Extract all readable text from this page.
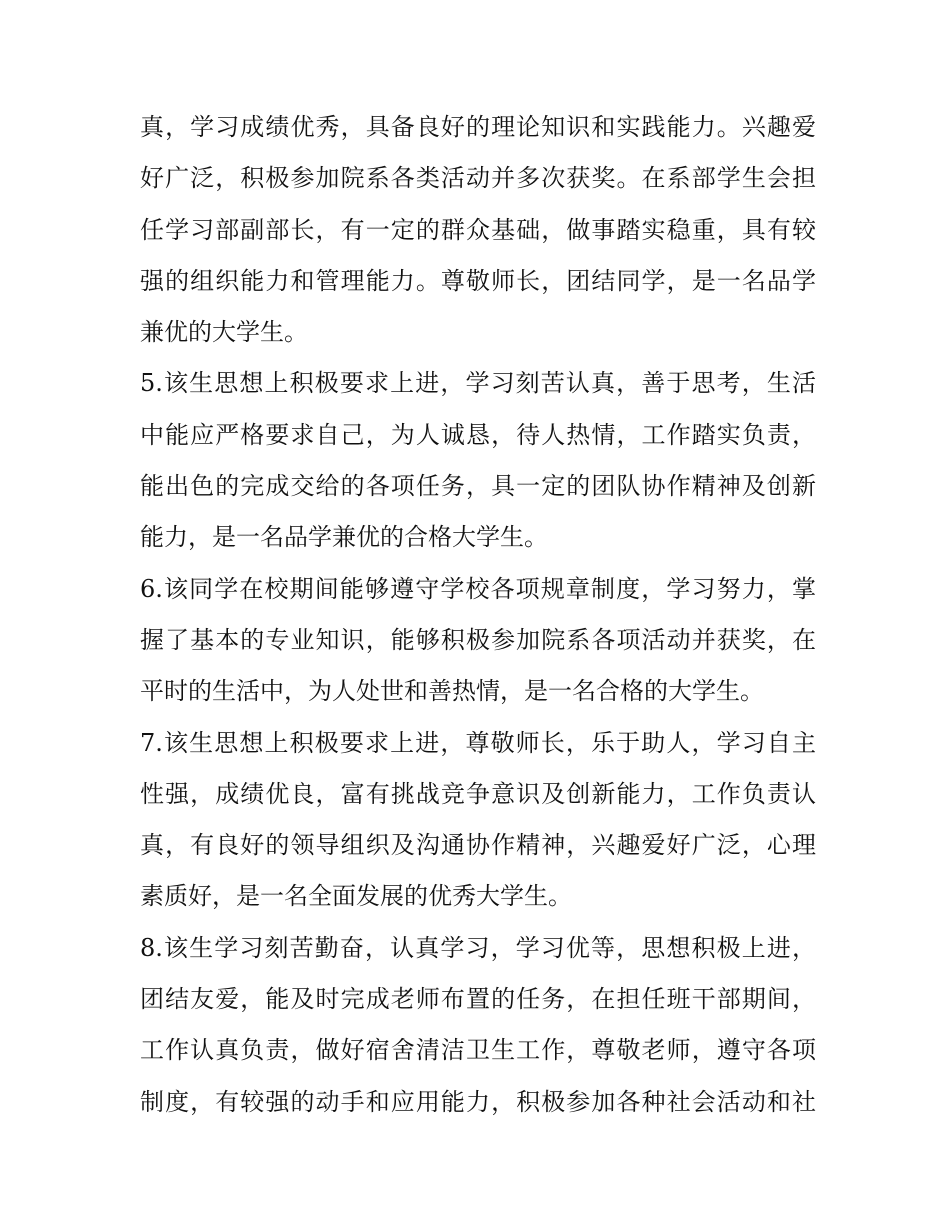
真，学习成绩优秀，具备良好的理论知识和实践能力。兴趣爱
好广泛，积极参加院系各类活动并多次获奖。在系部学生会担
任学习部副部长，有一定的群众基础，做事踏实稳重，具有较
强的组织能力和管理能力。尊敬师长，团结同学，是一名品学
兼优的大学生。
5.该生思想上积极要求上进，学习刻苦认真，善于思考，生活
中能应严格要求自己，为人诚恳，待人热情，工作踏实负责，
能出色的完成交给的各项任务，具一定的团队协作精神及创新
能力，是一名品学兼优的合格大学生。
6.该同学在校期间能够遵守学校各项规章制度，学习努力，掌
握了基本的专业知识，能够积极参加院系各项活动并获奖，在
平时的生活中，为人处世和善热情，是一名合格的大学生。
7.该生思想上积极要求上进，尊敬师长，乐于助人，学习自主
性强，成绩优良，富有挑战竞争意识及创新能力，工作负责认
真，有良好的领导组织及沟通协作精神，兴趣爱好广泛，心理
素质好，是一名全面发展的优秀大学生。
8.该生学习刻苦勤奋，认真学习，学习优等，思想积极上进，
团结友爱，能及时完成老师布置的任务，在担任班干部期间，
工作认真负责，做好宿舍清洁卫生工作，尊敬老师，遵守各项
制度，有较强的动手和应用能力，积极参加各种社会活动和社
